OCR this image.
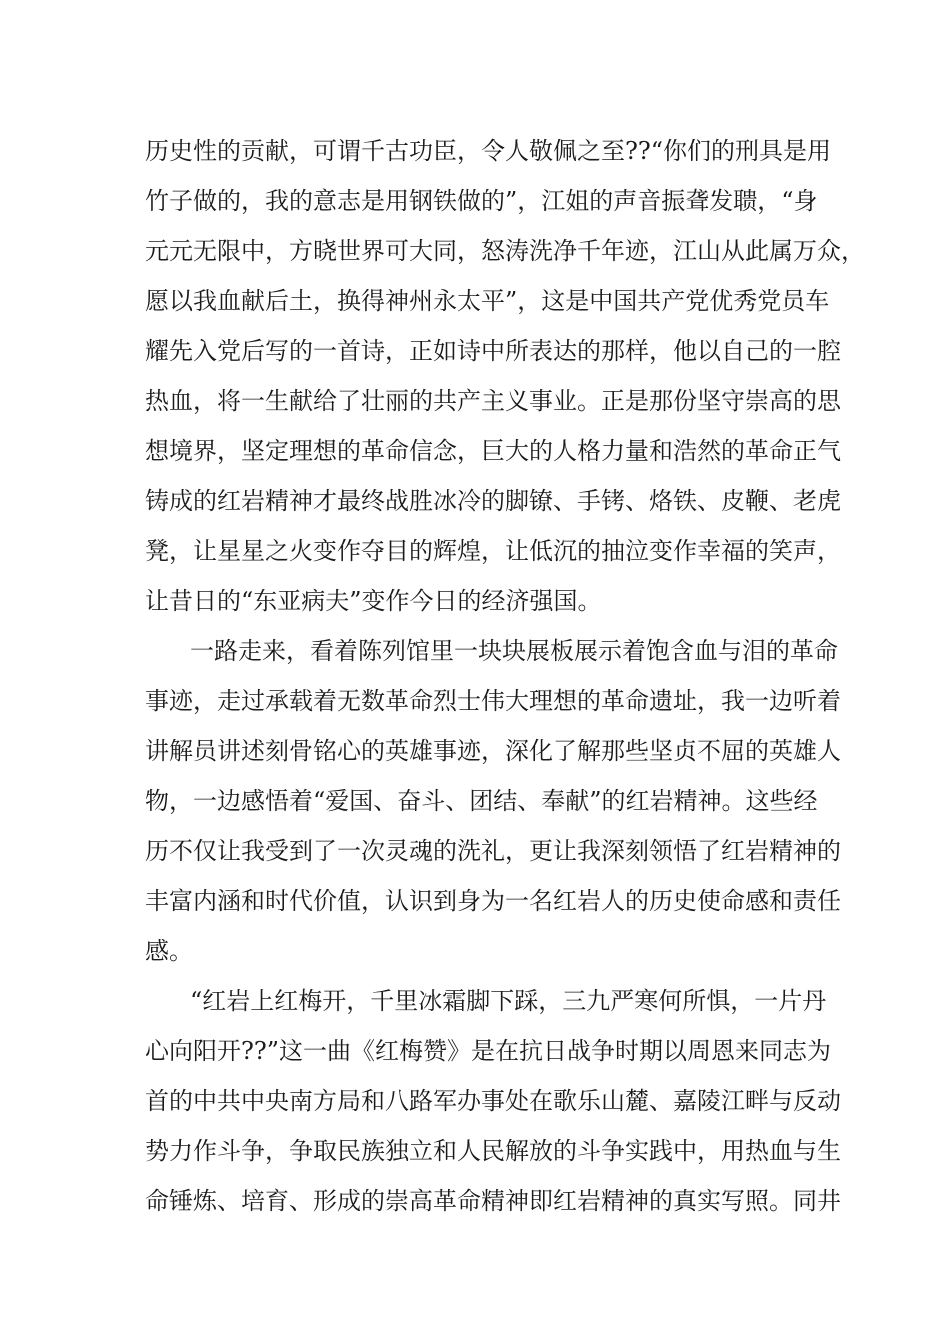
历史性的贡献，可谓千古功臣，令人敬佩之至??“你们的刑具是用
竹子做的，我的意志是用钢铁做的”，江姐的声音振聋发聩，“身
元元无限中，方晓世界可大同，怒涛洗净千年迹，江山从此属万众，
愿以我血献后土，换得神州永太平”，这是中国共产党优秀党员车
耀先入党后写的一首诗，正如诗中所表达的那样，他以自己的一腔
热血，将一生献给了壮丽的共产主义事业。正是那份坚守崇高的思
想境界，坚定理想的革命信念，巨大的人格力量和浩然的革命正气
铸成的红岩精神才最终战胜冰冷的脚镣、手铐、烙铁、皮鞭、老虎
凳，让星星之火变作夺目的辉煌，让低沉的抽泣变作幸福的笑声，
让昔日的“东亚病夫”变作今日的经济强国。
一路走来，看着陈列馆里一块块展板展示着饱含血与泪的革命
事迹，走过承载着无数革命烈士伟大理想的革命遗址，我一边听着
讲解员讲述刻骨铭心的英雄事迹，深化了解那些坚贞不屈的英雄人
物，一边感悟着“爱国、奋斗、团结、奉献”的红岩精神。这些经
历不仅让我受到了一次灵魂的洗礼，更让我深刻领悟了红岩精神的
丰富内涵和时代价值，认识到身为一名红岩人的历史使命感和责任
感。
“红岩上红梅开，千里冰霜脚下踩，三九严寒何所惧，一片丹
心向阳开??”这一曲《红梅赞》是在抗日战争时期以周恩来同志为
首的中共中央南方局和八路军办事处在歌乐山麓、嘉陵江畔与反动
势力作斗争，争取民族独立和人民解放的斗争实践中，用热血与生
命锤炼、培育、形成的崇高革命精神即红岩精神的真实写照。同井
